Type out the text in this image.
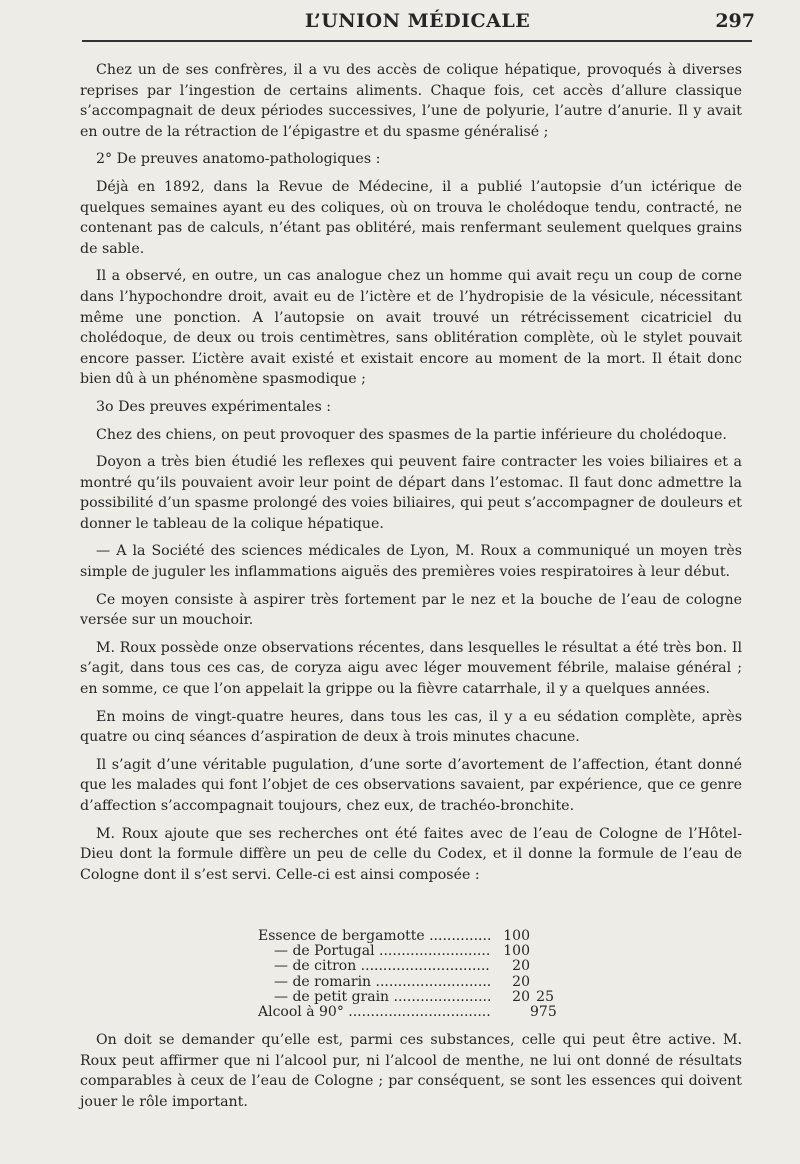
L’UNION MÉDICALE	297

Chez un de ses confrères, il a vu des accès de colique hépatique, provoqués à diverses reprises par l’ingestion de certains aliments. Chaque fois, cet accès d’allure classique s’accompagnait de deux périodes successives, l’une de polyurie, l’autre d’anurie. Il y avait en outre de la rétraction de l’épigastre et du spasme généralisé ;

2° De preuves anatomo-pathologiques :

Déjà en 1892, dans la Revue de Médecine, il a publié l’autopsie d’un ictérique de quelques semaines ayant eu des coliques, où on trouva le cholédoque tendu, contracté, ne contenant pas de calculs, n’étant pas oblitéré, mais renfermant seulement quelques grains de sable.

Il a observé, en outre, un cas analogue chez un homme qui avait reçu un coup de corne dans l’hypochondre droit, avait eu de l’ictère et de l’hydropisie de la vésicule, nécessitant même une ponction. A l’autopsie on avait trouvé un rétrécissement cicatriciel du cholédoque, de deux ou trois centimètres, sans oblitération complète, où le stylet pouvait encore passer. L’ictère avait existé et existait encore au moment de la mort. Il était donc bien dû à un phénomène spasmodique ;

3o Des preuves expérimentales :

Chez des chiens, on peut provoquer des spasmes de la partie inférieure du cholédoque.

Doyon a très bien étudié les reflexes qui peuvent faire contracter les voies biliaires et a montré qu’ils pouvaient avoir leur point de départ dans l’estomac. Il faut donc admettre la possibilité d’un spasme prolongé des voies biliaires, qui peut s’accompagner de douleurs et donner le tableau de la colique hépatique.

— A la Société des sciences médicales de Lyon, M. Roux a communiqué un moyen très simple de juguler les inflammations aiguës des premières voies respiratoires à leur début.

Ce moyen consiste à aspirer très fortement par le nez et la bouche de l’eau de cologne versée sur un mouchoir.

M. Roux possède onze observations récentes, dans lesquelles le résultat a été très bon. Il s’agit, dans tous ces cas, de coryza aigu avec léger mouvement fébrile, malaise général ; en somme, ce que l’on appelait la grippe ou la fièvre catarrhale, il y a quelques années.

En moins de vingt-quatre heures, dans tous les cas, il y a eu sédation complète, après quatre ou cinq séances d’aspiration de deux à trois minutes chacune.

Il s’agit d’une véritable pugulation, d’une sorte d’avortement de l’affection, étant donné que les malades qui font l’objet de ces observations savaient, par expérience, que ce genre d’affection s’accompagnait toujours, chez eux, de trachéo-bronchite.

M. Roux ajoute que ses recherches ont été faites avec de l’eau de Cologne de l’Hôtel-Dieu dont la formule diffère un peu de celle du Codex, et il donne la formule de l’eau de Cologne dont il s’est servi. Celle-ci est ainsi composée :

Essence de bergamotte .....	100
— de Portugal .....	100
— de citron .....	20
— de romarin .....	20
— de petit grain .....	20 25
Alcool à 90° .....	975

On doit se demander qu’elle est, parmi ces substances, celle qui peut être active. M. Roux peut affirmer que ni l’alcool pur, ni l’alcool de menthe, ne lui ont donné de résultats comparables à ceux de l’eau de Cologne ; par conséquent, se sont les essences qui doivent jouer le rôle important.
